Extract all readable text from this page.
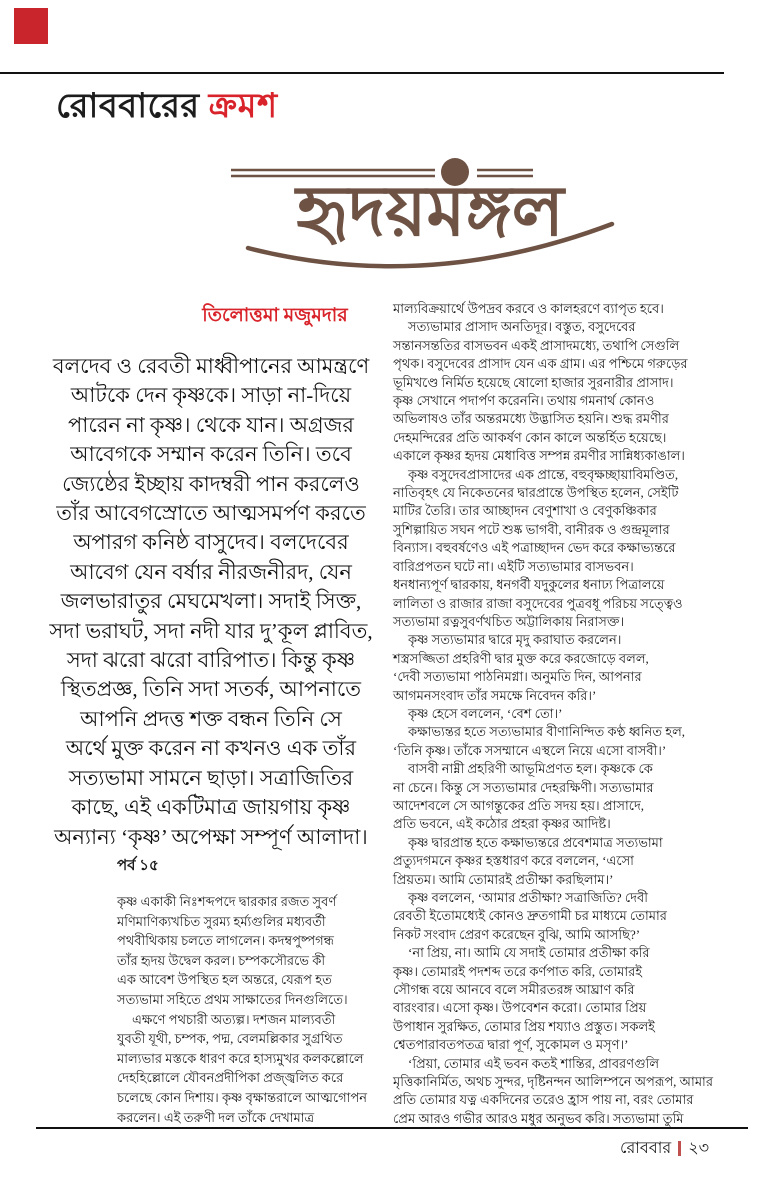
রোববারের ক্রমশ
হৃদয়মঙ্গল
তিলোত্তমা মজুমদার
বলদেব ও রেবতী মাধ্বীপানের আমন্ত্রণে
আটকে দেন কৃষ্ণকে। সাড়া না-দিয়ে
পারেন না কৃষ্ণ। থেকে যান। অগ্রজর
আবেগকে সম্মান করেন তিনি। তবে
জ্যেষ্ঠের ইচ্ছায় কাদম্বরী পান করলেও
তাঁর আবেগস্রোতে আত্মসমর্পণ করতে
অপারগ কনিষ্ঠ বাসুদেব। বলদেবের
আবেগ যেন বর্ষার নীরজনীরদ, যেন
জলভারাতুর মেঘমেখলা। সদাই সিক্ত,
সদা ভরাঘট, সদা নদী যার দু’কূল প্লাবিত,
সদা ঝরো ঝরো বারিপাত। কিন্তু কৃষ্ণ
স্থিতপ্রজ্ঞ, তিনি সদা সতর্ক, আপনাতে
আপনি প্রদত্ত শক্ত বন্ধন তিনি সে
অর্থে মুক্ত করেন না কখনও এক তাঁর
সত্যভামা সামনে ছাড়া। সত্রাজিতির
কাছে, এই একটিমাত্র জায়গায় কৃষ্ণ
অন্যান্য ‘কৃষ্ণ’ অপেক্ষা সম্পূর্ণ আলাদা।
পর্ব ১৫
কৃষ্ণ একাকী নিঃশব্দপদে দ্বারকার রজত সুবর্ণ
মণিমাণিক্যখচিত সুরম্য হর্ম্যগুলির মধ্যবর্তী
পথবীথিকায় চলতে লাগলেন। কদম্বপুষ্পগন্ধ
তাঁর হৃদয় উদ্বেল করল। চম্পকসৌরভে কী
এক আবেশ উপস্থিত হল অন্তরে, যেরূপ হত
সত্যভামা সহিতে প্রথম সাক্ষাতের দিনগুলিতে।
এক্ষণে পথচারী অত্যল্প। দশজন মাল্যবতী
যুবতী যূথী, চম্পক, পদ্ম, বেলমল্লিকার সুগ্রথিত
মাল্যভার মস্তকে ধারণ করে হাস্যমুখর কলকল্লোলে
দেহহিল্লোলে যৌবনপ্রদীপিকা প্রজ্জ্বলিত করে
চলেছে কোন দিশায়। কৃষ্ণ বৃক্ষান্তরালে আত্মগোপন
করলেন। এই তরুণী দল তাঁকে দেখামাত্র
মাল্যবিক্রয়ার্থে উপদ্রব করবে ও কালহরণে ব্যাপৃত হবে।
সত্যভামার প্রাসাদ অনতিদূর। বস্তুত, বসুদেবের
সন্তানসন্ততির বাসভবন একই প্রাসাদমধ্যে, তথাপি সেগুলি
পৃথক। বসুদেবের প্রাসাদ যেন এক গ্রাম। এর পশ্চিমে গরুড়ের
ভূমিখণ্ডে নির্মিত হয়েছে ষোলো হাজার সুরনারীর প্রাসাদ।
কৃষ্ণ সেখানে পদার্পণ করেননি। তথায় গমনার্থ কোনও
অভিলাষও তাঁর অন্তরমধ্যে উদ্ভাসিত হয়নি। শুদ্ধ রমণীর
দেহমন্দিরের প্রতি আকর্ষণ কোন কালে অন্তর্হিত হয়েছে।
একালে কৃষ্ণর হৃদয় মেধাবিত্ত সম্পন্ন রমণীর সান্নিধ্যকাঙাল।
কৃষ্ণ বসুদেবপ্রাসাদের এক প্রান্তে, বহুবৃক্ষচ্ছায়াবিমণ্ডিত,
নাতিবৃহৎ যে নিকেতনের দ্বারপ্রান্তে উপস্থিত হলেন, সেইটি
মাটির তৈরি। তার আচ্ছাদন বেণুশাখা ও বেণুকঞ্চিকার
সুশিল্পায়িত সঘন পটে শুষ্ক ভাগবী, বানীরক ও গুন্দ্রমূলার
বিন্যাস। বহুবর্ষণেও এই পত্রাচ্ছাদন ভেদ করে কক্ষাভ্যন্তরে
বারিপ্রপতন ঘটে না। এইটি সত্যভামার বাসভবন।
ধনধান্যপূর্ণ দ্বারকায়, ধনগর্বী যদুকুলের ধনাঢ্য পিত্রালয়ে
লালিতা ও রাজার রাজা বসুদেবের পুত্রবধূ পরিচয় সত্ত্বেও
সত্যভামা রত্নসুবর্ণখচিত অট্টালিকায় নিরাসক্ত।
কৃষ্ণ সত্যভামার দ্বারে মৃদু করাঘাত করলেন।
শস্ত্রসজ্জিতা প্রহরিণী দ্বার মুক্ত করে করজোড়ে বলল,
‘দেবী সত্যভামা পাঠনিমগ্না। অনুমতি দিন, আপনার
আগমনসংবাদ তাঁর সমক্ষে নিবেদন করি।’
কৃষ্ণ হেসে বললেন, ‘বেশ তো।’
কক্ষাভ্যন্তর হতে সত্যভামার বীণানিন্দিত কণ্ঠ ধ্বনিত হল,
‘তিনি কৃষ্ণ। তাঁকে সসম্মানে এস্থলে নিয়ে এসো বাসবী।’
বাসবী নাম্নী প্রহরিণী আভূমিপ্রণত হল। কৃষ্ণকে কে
না চেনে। কিন্তু সে সত্যভামার দেহরক্ষিণী। সত্যভামার
আদেশবলে সে আগন্তুকের প্রতি সদয় হয়। প্রাসাদে,
প্রতি ভবনে, এই কঠোর প্রহরা কৃষ্ণর আদিষ্ট।
কৃষ্ণ দ্বারপ্রান্ত হতে কক্ষাভ্যন্তরে প্রবেশমাত্র সত্যভামা
প্রত্যুদগমনে কৃষ্ণর হস্তধারণ করে বললেন, ‘এসো
প্রিয়তম। আমি তোমারই প্রতীক্ষা করছিলাম।’
কৃষ্ণ বললেন, ‘আমার প্রতীক্ষা? সত্রাজিতি? দেবী
রেবতী ইতোমধ্যেই কোনও দ্রুতগামী চর মাধ্যমে তোমার
নিকট সংবাদ প্রেরণ করেছেন বুঝি, আমি আসছি?’
‘না প্রিয়, না। আমি যে সদাই তোমার প্রতীক্ষা করি
কৃষ্ণ। তোমারই পদশব্দ তরে কর্ণপাত করি, তোমারই
সৌগন্ধ বয়ে আনবে বলে সমীরতরঙ্গ আঘ্রাণ করি
বারংবার। এসো কৃষ্ণ। উপবেশন করো। তোমার প্রিয়
উপাধান সুরক্ষিত, তোমার প্রিয় শয্যাও প্রস্তুত। সকলই
শ্বেতপারাবতপতত্র দ্বারা পূর্ণ, সুকোমল ও মসৃণ।’
‘প্রিয়া, তোমার এই ভবন কতই শান্তির, প্রাবরণগুলি
মৃত্তিকানির্মিত, অথচ সুন্দর, দৃষ্টিনন্দন আলিম্পনে অপরূপ, আমার
প্রতি তোমার যত্ন একদিনের তরেও হ্রাস পায় না, বরং তোমার
প্রেম আরও গভীর আরও মধুর অনুভব করি। সত্যভামা তুমি
রোববার ২৩
